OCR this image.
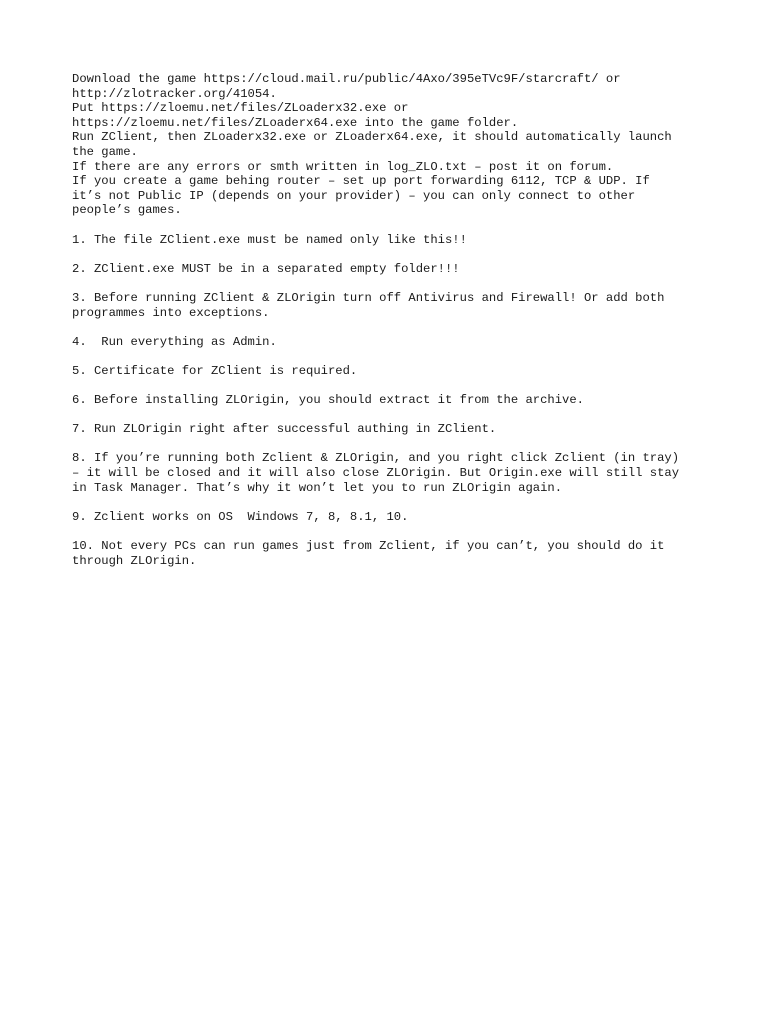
Download the game https://cloud.mail.ru/public/4Axo/395eTVc9F/starcraft/ or
http://zlotracker.org/41054.
Put https://zloemu.net/files/ZLoaderx32.exe or
https://zloemu.net/files/ZLoaderx64.exe into the game folder.
Run ZClient, then ZLoaderx32.exe or ZLoaderx64.exe, it should automatically launch
the game.
If there are any errors or smth written in log_ZLO.txt – post it on forum.
If you create a game behing router – set up port forwarding 6112, TCP & UDP. If
it’s not Public IP (depends on your provider) – you can only connect to other
people’s games.
1. The file ZClient.exe must be named only like this!!
2. ZClient.exe MUST be in a separated empty folder!!!
3. Before running ZClient & ZLOrigin turn off Antivirus and Firewall! Or add both
programmes into exceptions.
4.  Run everything as Admin.
5. Certificate for ZClient is required.
6. Before installing ZLOrigin, you should extract it from the archive.
7. Run ZLOrigin right after successful authing in ZClient.
8. If you’re running both Zclient & ZLOrigin, and you right click Zclient (in tray)
– it will be closed and it will also close ZLOrigin. But Origin.exe will still stay
in Task Manager. That’s why it won’t let you to run ZLOrigin again.
9. Zclient works on OS  Windows 7, 8, 8.1, 10.
10. Not every PCs can run games just from Zclient, if you can’t, you should do it
through ZLOrigin.
